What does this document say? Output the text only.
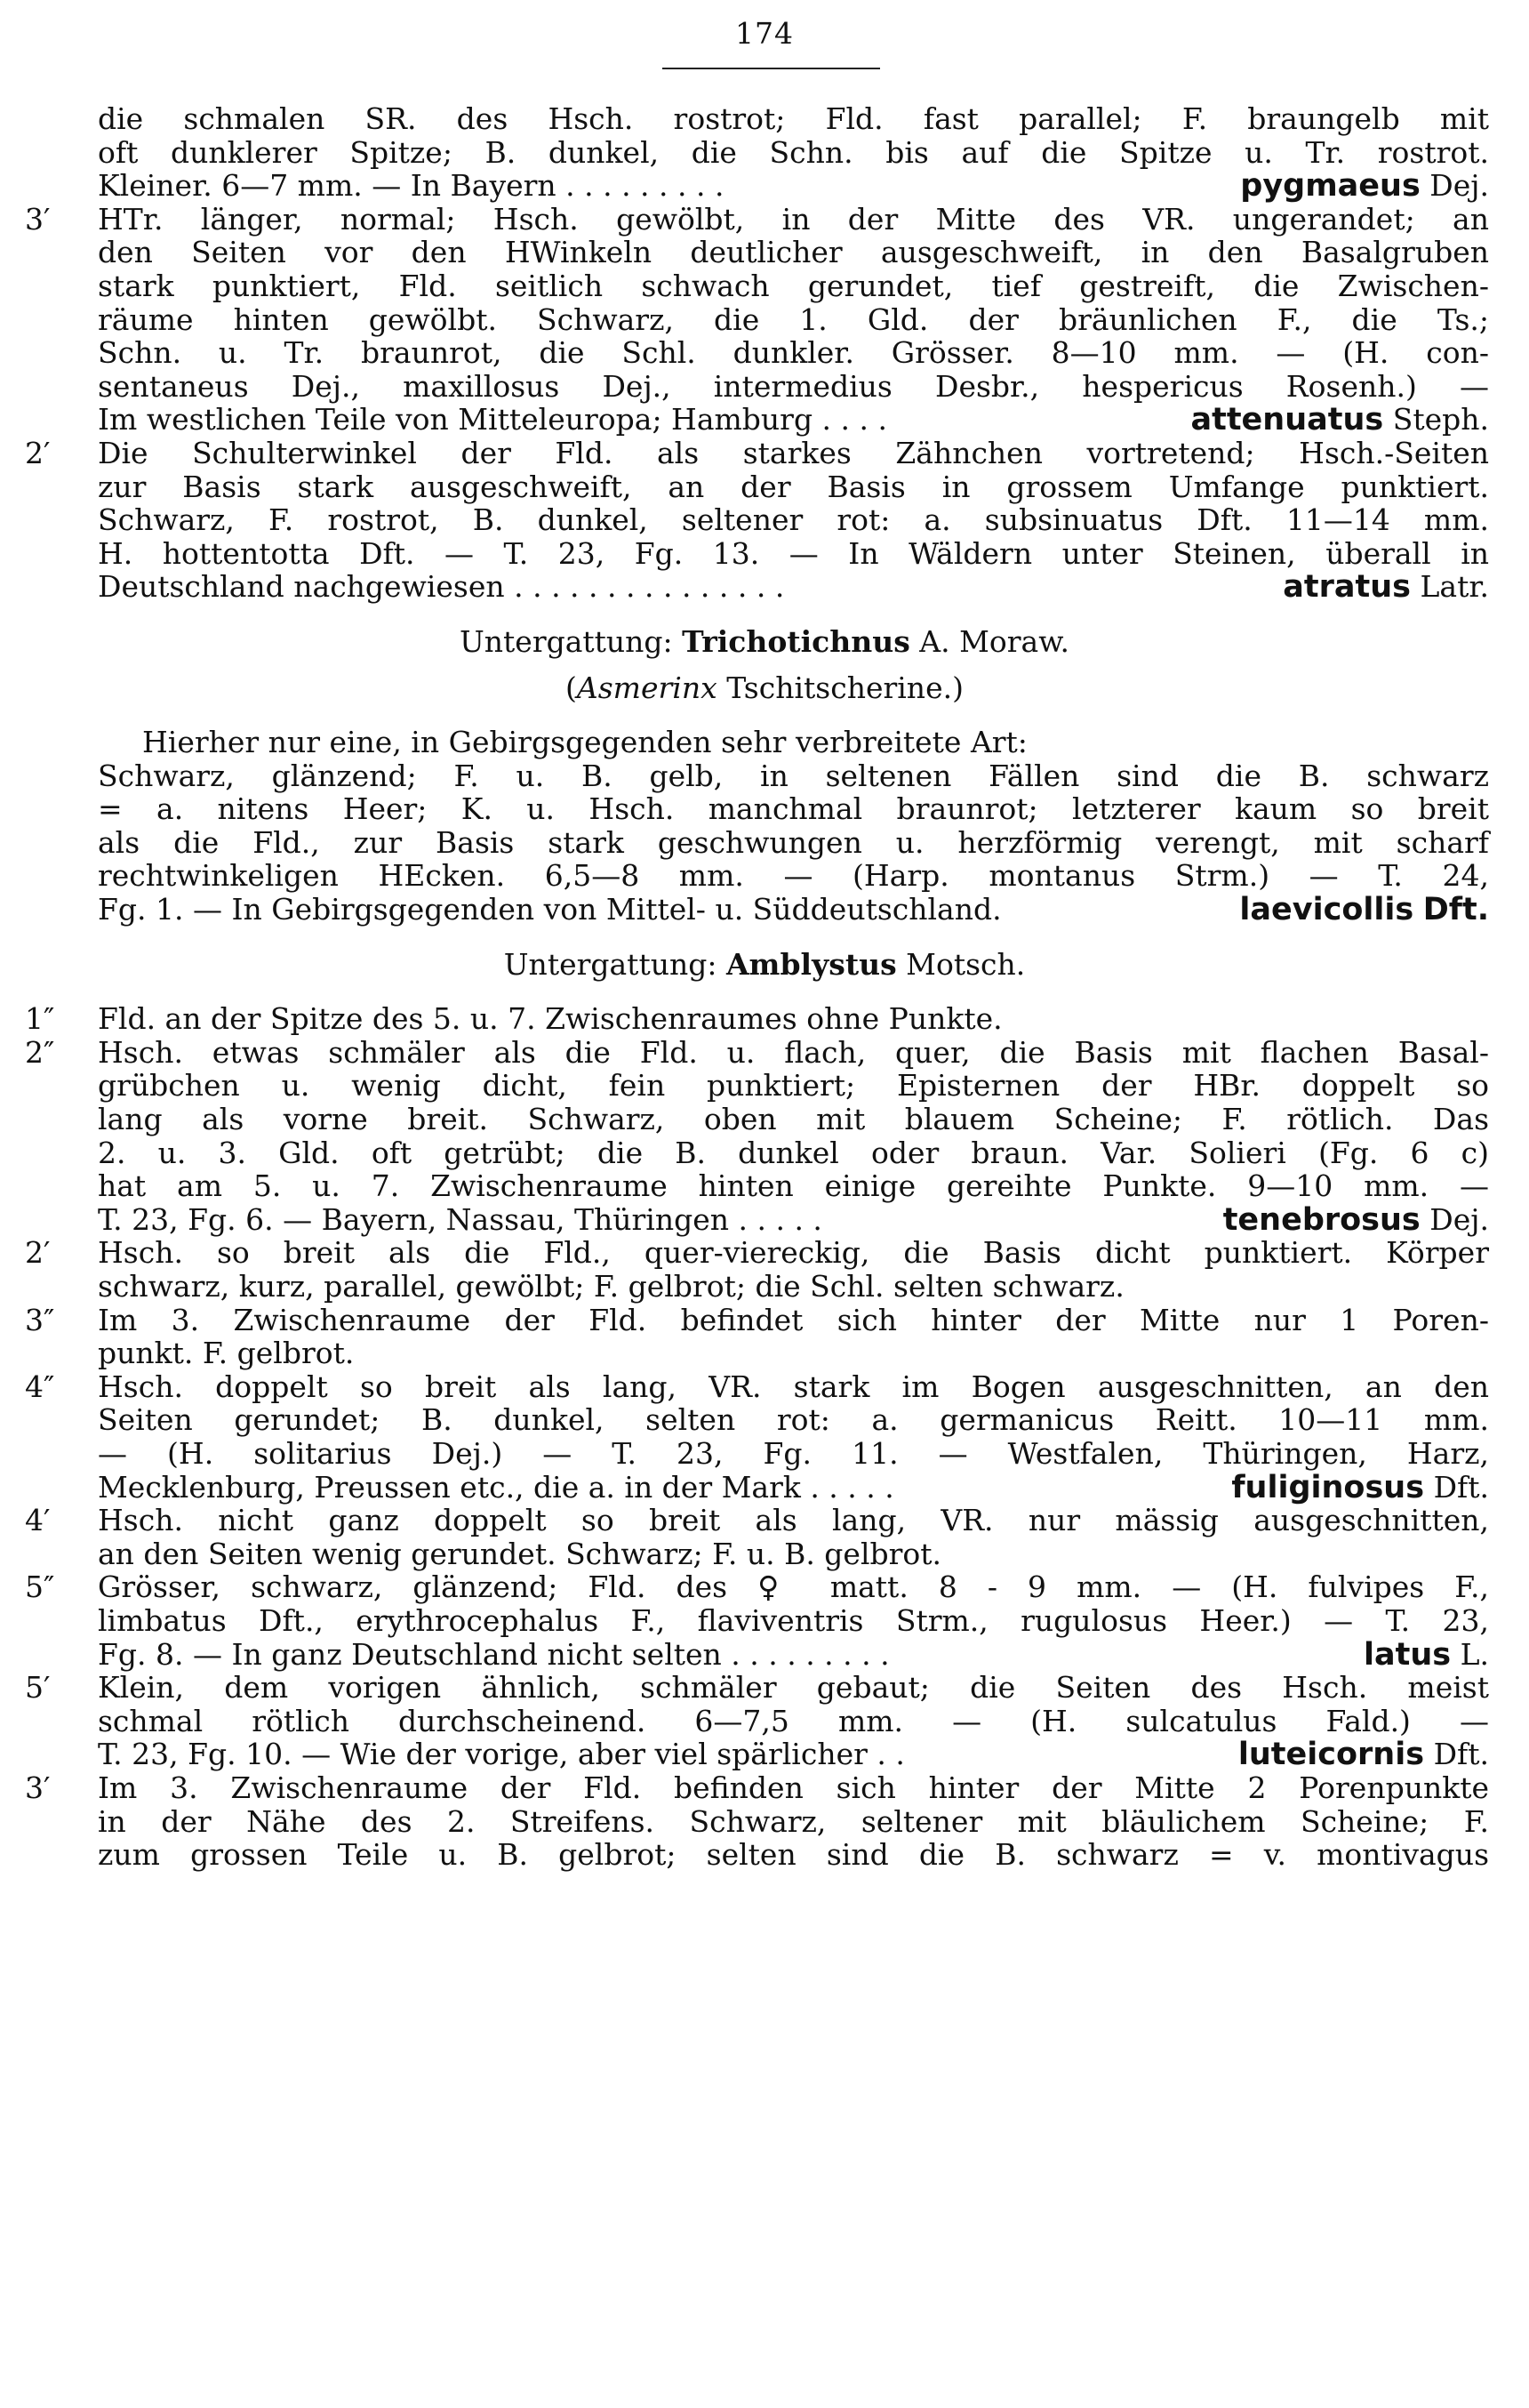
174
die schmalen SR. des Hsch. rostrot; Fld. fast parallel; F. braungelb mit
oft dunklerer Spitze; B. dunkel, die Schn. bis auf die Spitze u. Tr. rostrot.
Kleiner. 6—7 mm. — In Bayern . . . . . . . . .	pygmaeus Dej.
3′ HTr. länger, normal; Hsch. gewölbt, in der Mitte des VR. ungerandet; an
den Seiten vor den HWinkeln deutlicher ausgeschweift, in den Basalgruben
stark punktiert, Fld. seitlich schwach gerundet, tief gestreift, die Zwischen-
räume hinten gewölbt. Schwarz, die 1. Gld. der bräunlichen F., die Ts.;
Schn. u. Tr. braunrot, die Schl. dunkler. Grösser. 8—10 mm. — (H. con-
sentaneus Dej., maxillosus Dej., intermedius Desbr., hespericus Rosenh.) —
Im westlichen Teile von Mitteleuropa; Hamburg . . . .	attenuatus Steph.
2′ Die Schulterwinkel der Fld. als starkes Zähnchen vortretend; Hsch.-Seiten
zur Basis stark ausgeschweift, an der Basis in grossem Umfange punktiert.
Schwarz, F. rostrot, B. dunkel, seltener rot: a. subsinuatus Dft. 11—14 mm.
H. hottentotta Dft. — T. 23, Fg. 13. — In Wäldern unter Steinen, überall in
Deutschland nachgewiesen . . . . . . . . . . . . . . .	atratus Latr.
Untergattung: Trichotichnus A. Moraw.
(Asmerinx Tschitscherine.)
Hierher nur eine, in Gebirgsgegenden sehr verbreitete Art:
Schwarz, glänzend; F. u. B. gelb, in seltenen Fällen sind die B. schwarz
= a. nitens Heer; K. u. Hsch. manchmal braunrot; letzterer kaum so breit
als die Fld., zur Basis stark geschwungen u. herzförmig verengt, mit scharf
rechtwinkeligen HEcken. 6,5—8 mm. — (Harp. montanus Strm.) — T. 24,
Fg. 1. — In Gebirgsgegenden von Mittel- u. Süddeutschland.	laevicollis Dft.
Untergattung: Amblystus Motsch.
1″ Fld. an der Spitze des 5. u. 7. Zwischenraumes ohne Punkte.
2″ Hsch. etwas schmäler als die Fld. u. flach, quer, die Basis mit flachen Basal-
grübchen u. wenig dicht, fein punktiert; Episternen der HBr. doppelt so
lang als vorne breit. Schwarz, oben mit blauem Scheine; F. rötlich. Das
2. u. 3. Gld. oft getrübt; die B. dunkel oder braun. Var. Solieri (Fg. 6 c)
hat am 5. u. 7. Zwischenraume hinten einige gereihte Punkte. 9—10 mm. —
T. 23, Fg. 6. — Bayern, Nassau, Thüringen . . . . .	tenebrosus Dej.
2′ Hsch. so breit als die Fld., quer-viereckig, die Basis dicht punktiert. Körper
schwarz, kurz, parallel, gewölbt; F. gelbrot; die Schl. selten schwarz.
3″ Im 3. Zwischenraume der Fld. befindet sich hinter der Mitte nur 1 Poren-
punkt. F. gelbrot.
4″ Hsch. doppelt so breit als lang, VR. stark im Bogen ausgeschnitten, an den
Seiten gerundet; B. dunkel, selten rot: a. germanicus Reitt. 10—11 mm.
— (H. solitarius Dej.) — T. 23, Fg. 11. — Westfalen, Thüringen, Harz,
Mecklenburg, Preussen etc., die a. in der Mark . . . . .	fuliginosus Dft.
4′ Hsch. nicht ganz doppelt so breit als lang, VR. nur mässig ausgeschnitten,
an den Seiten wenig gerundet. Schwarz; F. u. B. gelbrot.
5″ Grösser, schwarz, glänzend; Fld. des ♀ matt. 8 - 9 mm. — (H. fulvipes F.,
limbatus Dft., erythrocephalus F., flaviventris Strm., rugulosus Heer.) — T. 23,
Fg. 8. — In ganz Deutschland nicht selten . . . . . . . . .	latus L.
5′ Klein, dem vorigen ähnlich, schmäler gebaut; die Seiten des Hsch. meist
schmal rötlich durchscheinend. 6—7,5 mm. — (H. sulcatulus Fald.) —
T. 23, Fg. 10. — Wie der vorige, aber viel spärlicher . .	luteicornis Dft.
3′ Im 3. Zwischenraume der Fld. befinden sich hinter der Mitte 2 Porenpunkte
in der Nähe des 2. Streifens. Schwarz, seltener mit bläulichem Scheine; F.
zum grossen Teile u. B. gelbrot; selten sind die B. schwarz = v. montivagus
